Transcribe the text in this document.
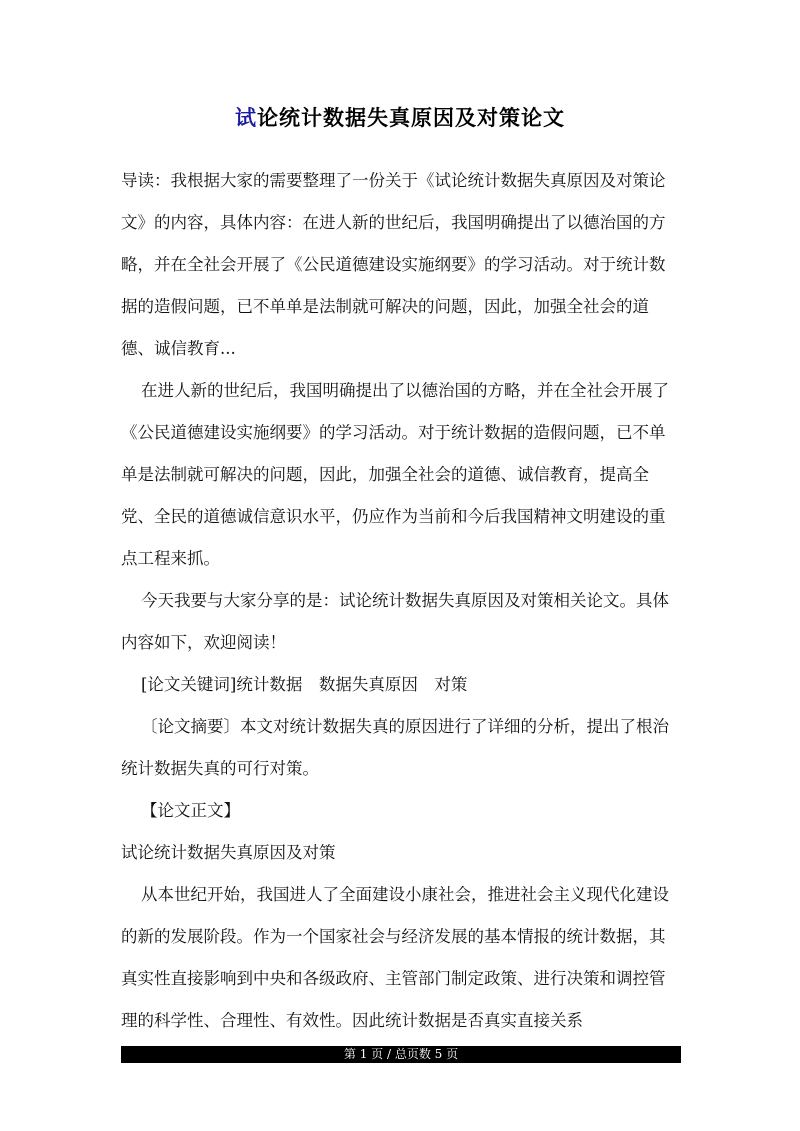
试论统计数据失真原因及对策论文

导读：我根据大家的需要整理了一份关于《试论统计数据失真原因及对策论文》的内容，具体内容：在进人新的世纪后，我国明确提出了以德治国的方略，并在全社会开展了《公民道德建设实施纲要》的学习活动。对于统计数据的造假问题，已不单单是法制就可解决的问题，因此，加强全社会的道德、诚信教育...

在进人新的世纪后，我国明确提出了以德治国的方略，并在全社会开展了《公民道德建设实施纲要》的学习活动。对于统计数据的造假问题，已不单单是法制就可解决的问题，因此，加强全社会的道德、诚信教育，提高全党、全民的道德诚信意识水平，仍应作为当前和今后我国精神文明建设的重点工程来抓。

今天我要与大家分享的是：试论统计数据失真原因及对策相关论文。具体内容如下，欢迎阅读！

[论文关键词]统计数据　数据失真原因　对策

〔论文摘要〕本文对统计数据失真的原因进行了详细的分析，提出了根治统计数据失真的可行对策。

【论文正文】

试论统计数据失真原因及对策

从本世纪开始，我国进人了全面建设小康社会，推进社会主义现代化建设的新的发展阶段。作为一个国家社会与经济发展的基本情报的统计数据，其真实性直接影响到中央和各级政府、主管部门制定政策、进行决策和调控管理的科学性、合理性、有效性。因此统计数据是否真实直接关系

第 1 页 / 总页数 5 页
